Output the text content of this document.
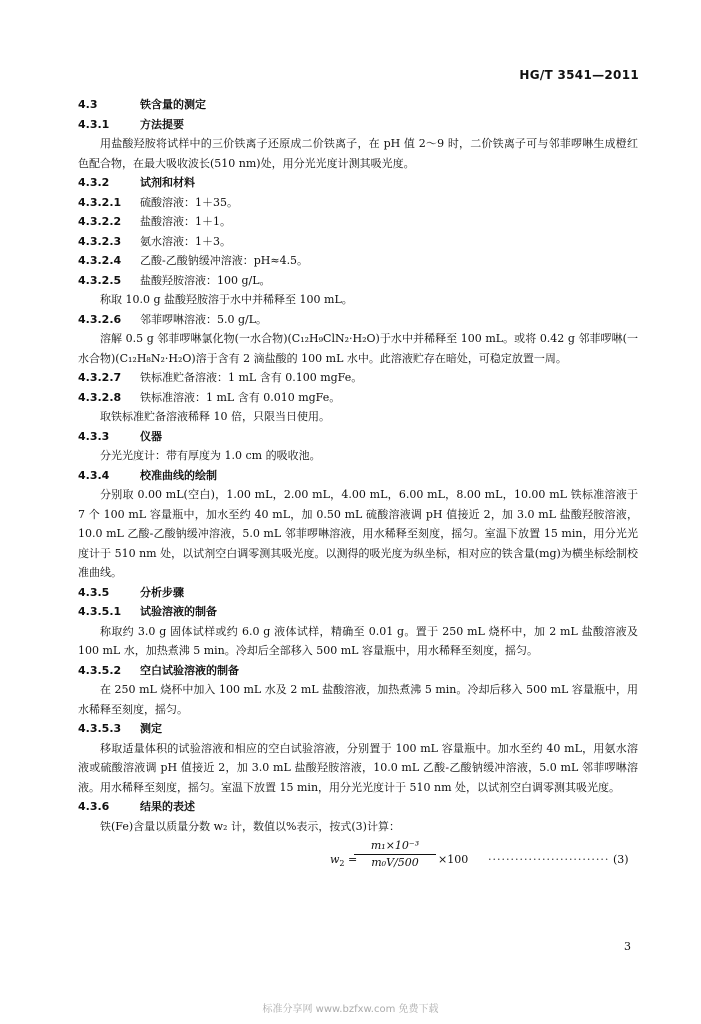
HG/T 3541—2011
4.3	铁含量的测定
4.3.1	方法提要
用盐酸羟胺将试样中的三价铁离子还原成二价铁离子，在 pH 值 2～9 时，二价铁离子可与邻菲啰啉生成橙红色配合物，在最大吸收波长(510 nm)处，用分光光度计测其吸光度。
4.3.2	试剂和材料
4.3.2.1 硫酸溶液：1＋35。
4.3.2.2 盐酸溶液：1＋1。
4.3.2.3 氨水溶液：1＋3。
4.3.2.4 乙酸-乙酸钠缓冲溶液：pH≈4.5。
4.3.2.5 盐酸羟胺溶液：100 g/L。
称取 10.0 g 盐酸羟胺溶于水中并稀释至 100 mL。
4.3.2.6 邻菲啰啉溶液：5.0 g/L。
溶解 0.5 g 邻菲啰啉氯化物(一水合物)(C₁₂H₉ClN₂·H₂O)于水中并稀释至 100 mL。或将 0.42 g 邻菲啰啉(一水合物)(C₁₂H₈N₂·H₂O)溶于含有 2 滴盐酸的 100 mL 水中。此溶液贮存在暗处，可稳定放置一周。
4.3.2.7 铁标准贮备溶液：1 mL 含有 0.100 mgFe。
4.3.2.8 铁标准溶液：1 mL 含有 0.010 mgFe。
取铁标准贮备溶液稀释 10 倍，只限当日使用。
4.3.3	仪器
分光光度计：带有厚度为 1.0 cm 的吸收池。
4.3.4	校准曲线的绘制
分别取 0.00 mL(空白)，1.00 mL，2.00 mL，4.00 mL，6.00 mL，8.00 mL，10.00 mL 铁标准溶液于 7 个 100 mL 容量瓶中，加水至约 40 mL，加 0.50 mL 硫酸溶液调 pH 值接近 2，加 3.0 mL 盐酸羟胺溶液，10.0 mL 乙酸-乙酸钠缓冲溶液，5.0 mL 邻菲啰啉溶液，用水稀释至刻度，摇匀。室温下放置 15 min，用分光光度计于 510 nm 处，以试剂空白调零测其吸光度。以测得的吸光度为纵坐标，相对应的铁含量(mg)为横坐标绘制校准曲线。
4.3.5	分析步骤
4.3.5.1 试验溶液的制备
称取约 3.0 g 固体试样或约 6.0 g 液体试样，精确至 0.01 g。置于 250 mL 烧杯中，加 2 mL 盐酸溶液及 100 mL 水，加热煮沸 5 min。冷却后全部移入 500 mL 容量瓶中，用水稀释至刻度，摇匀。
4.3.5.2 空白试验溶液的制备
在 250 mL 烧杯中加入 100 mL 水及 2 mL 盐酸溶液，加热煮沸 5 min。冷却后移入 500 mL 容量瓶中，用水稀释至刻度，摇匀。
4.3.5.3 测定
移取适量体积的试验溶液和相应的空白试验溶液，分别置于 100 mL 容量瓶中。加水至约 40 mL，用氨水溶液或硫酸溶液调 pH 值接近 2，加 3.0 mL 盐酸羟胺溶液，10.0 mL 乙酸-乙酸钠缓冲溶液，5.0 mL 邻菲啰啉溶液。用水稀释至刻度，摇匀。室温下放置 15 min，用分光光度计于 510 nm 处，以试剂空白调零测其吸光度。
4.3.6	结果的表述
铁(Fe)含量以质量分数 w₂ 计，数值以%表示，按式(3)计算：
$w_2$ =
$\frac{\text{m₁×10⁻³}}{\text{m₀V/500}} \times 100$ ··························· (3)
3
标准分享网 www.bzfxw.com 免费下载
